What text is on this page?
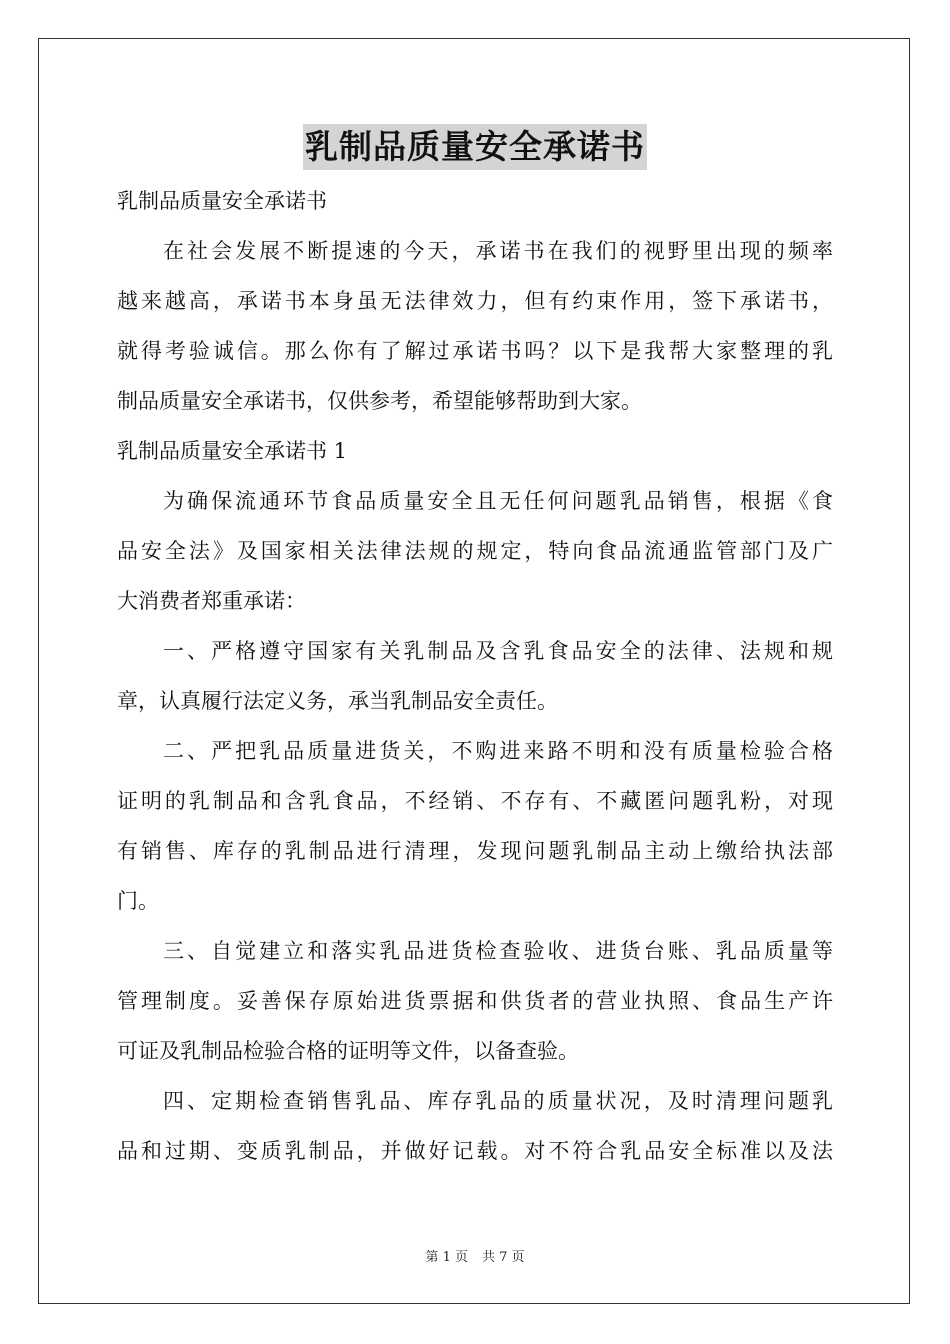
乳制品质量安全承诺书
乳制品质量安全承诺书
在社会发展不断提速的今天，承诺书在我们的视野里出现的频率
越来越高，承诺书本身虽无法律效力，但有约束作用，签下承诺书，
就得考验诚信。那么你有了解过承诺书吗？以下是我帮大家整理的乳
制品质量安全承诺书，仅供参考，希望能够帮助到大家。
乳制品质量安全承诺书 1
为确保流通环节食品质量安全且无任何问题乳品销售，根据《食
品安全法》及国家相关法律法规的规定，特向食品流通监管部门及广
大消费者郑重承诺：
一、严格遵守国家有关乳制品及含乳食品安全的法律、法规和规
章，认真履行法定义务，承当乳制品安全责任。
二、严把乳品质量进货关，不购进来路不明和没有质量检验合格
证明的乳制品和含乳食品，不经销、不存有、不藏匿问题乳粉，对现
有销售、库存的乳制品进行清理，发现问题乳制品主动上缴给执法部
门。
三、自觉建立和落实乳品进货检查验收、进货台账、乳品质量等
管理制度。妥善保存原始进货票据和供货者的营业执照、食品生产许
可证及乳制品检验合格的证明等文件，以备查验。
四、定期检查销售乳品、库存乳品的质量状况，及时清理问题乳
品和过期、变质乳制品，并做好记载。对不符合乳品安全标准以及法
第 1 页 共 7 页
